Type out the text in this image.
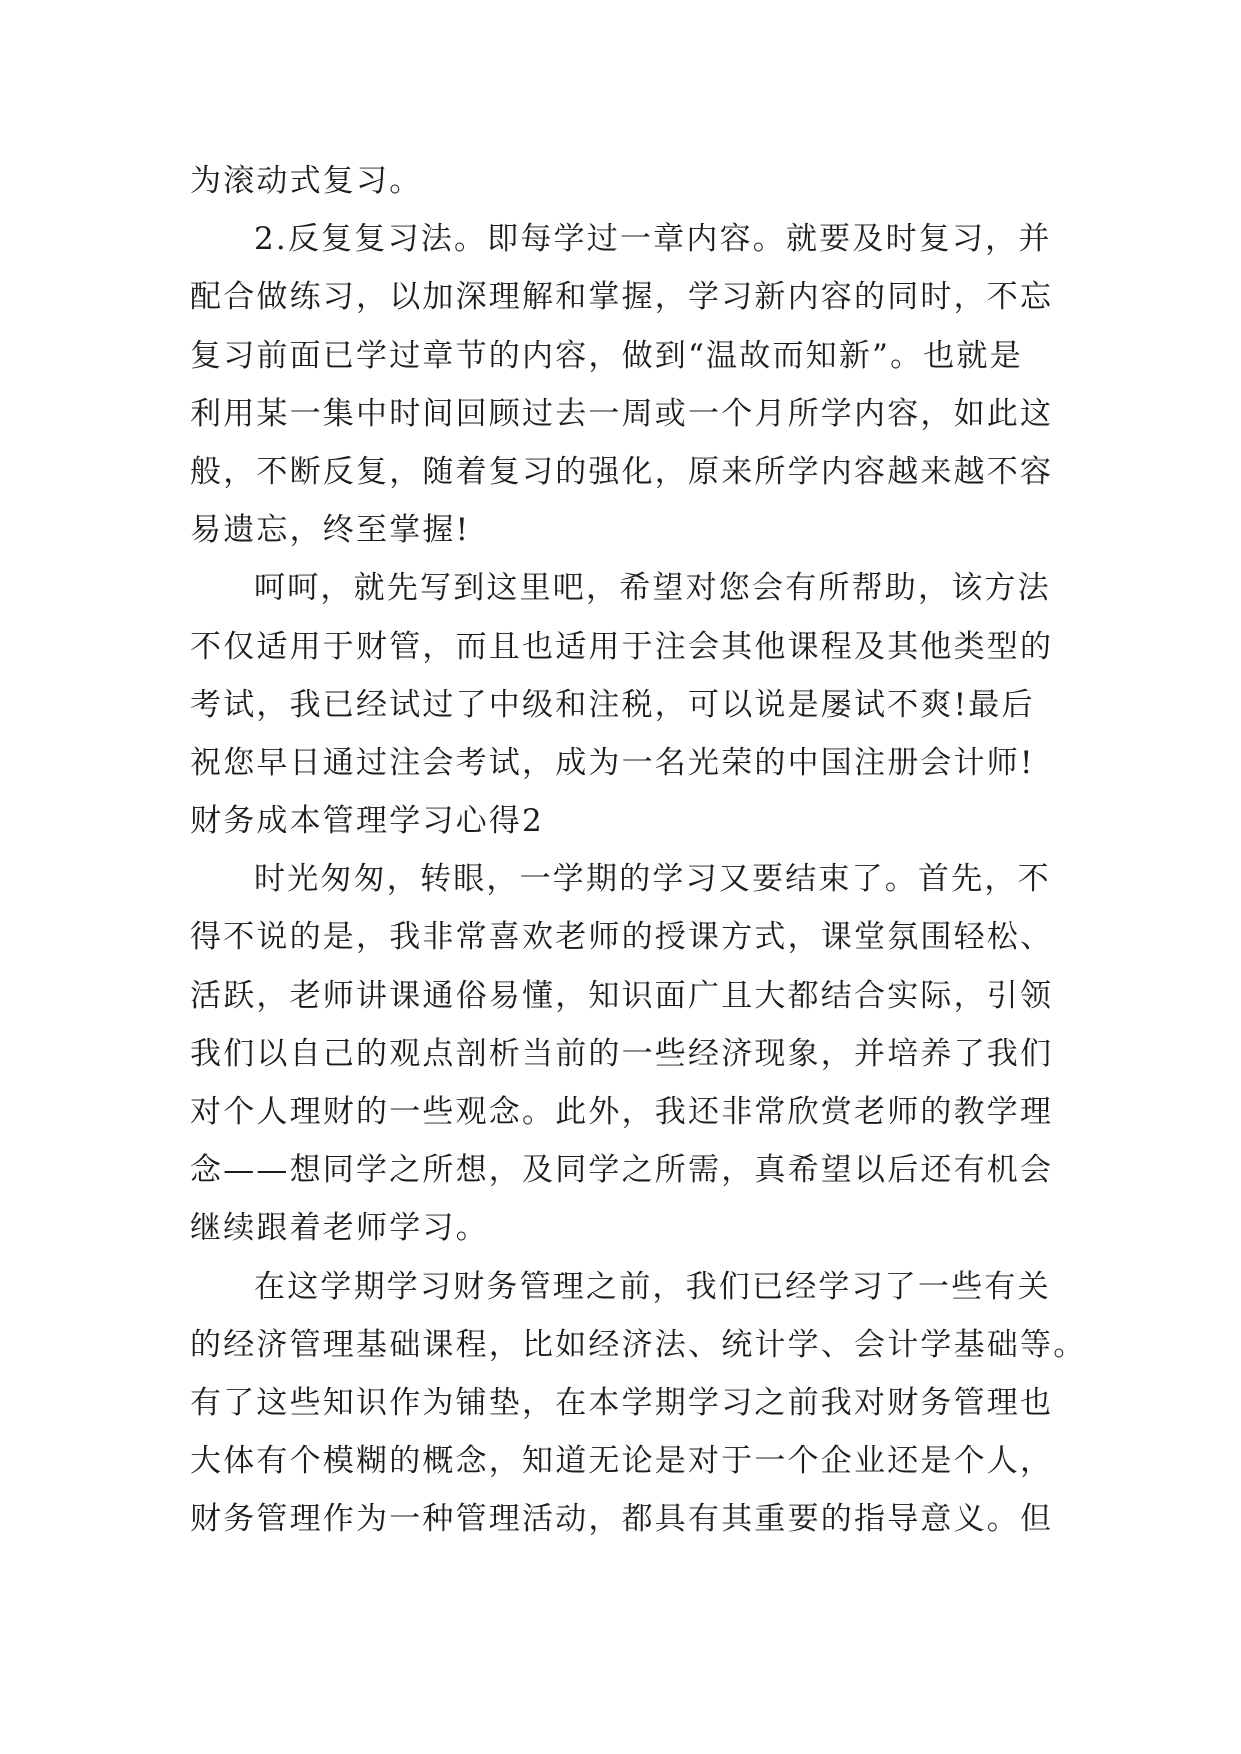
为滚动式复习。
2.反复复习法。即每学过一章内容。就要及时复习，并
配合做练习，以加深理解和掌握，学习新内容的同时，不忘
复习前面已学过章节的内容，做到“温故而知新”。也就是
利用某一集中时间回顾过去一周或一个月所学内容，如此这
般，不断反复，随着复习的强化，原来所学内容越来越不容
易遗忘，终至掌握!
呵呵，就先写到这里吧，希望对您会有所帮助，该方法
不仅适用于财管，而且也适用于注会其他课程及其他类型的
考试，我已经试过了中级和注税，可以说是屡试不爽!最后
祝您早日通过注会考试，成为一名光荣的中国注册会计师!
财务成本管理学习心得2
时光匆匆，转眼，一学期的学习又要结束了。首先，不
得不说的是，我非常喜欢老师的授课方式，课堂氛围轻松、
活跃，老师讲课通俗易懂，知识面广且大都结合实际，引领
我们以自己的观点剖析当前的一些经济现象，并培养了我们
对个人理财的一些观念。此外，我还非常欣赏老师的教学理
念——想同学之所想，及同学之所需，真希望以后还有机会
继续跟着老师学习。
在这学期学习财务管理之前，我们已经学习了一些有关
的经济管理基础课程，比如经济法、统计学、会计学基础等。
有了这些知识作为铺垫，在本学期学习之前我对财务管理也
大体有个模糊的概念，知道无论是对于一个企业还是个人，
财务管理作为一种管理活动，都具有其重要的指导意义。但
